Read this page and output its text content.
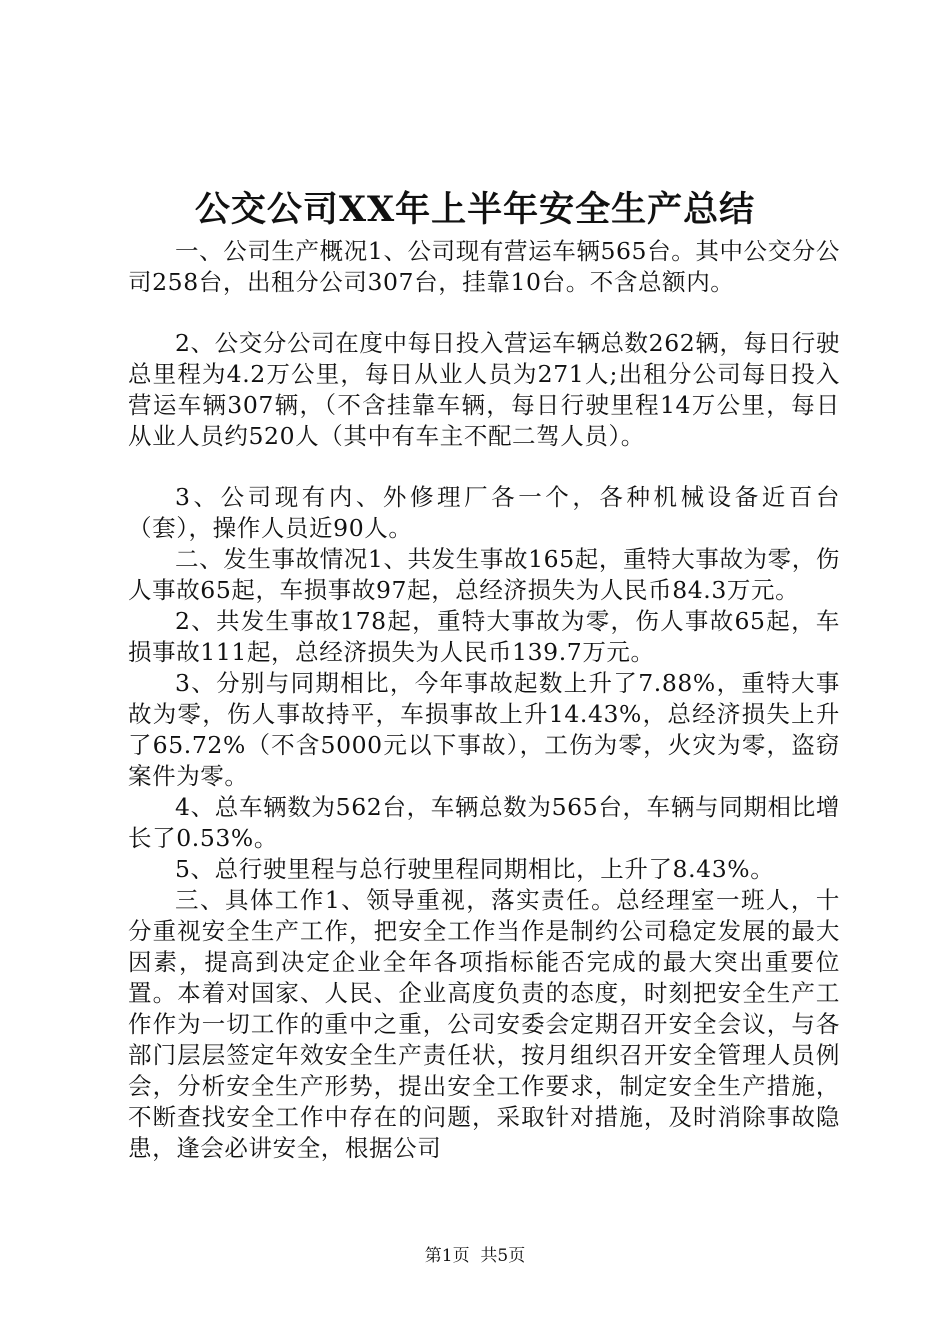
公交公司XX年上半年安全生产总结

一、公司生产概况1、公司现有营运车辆565台。其中公交分公司258台，出租分公司307台，挂靠10台。不含总额内。

2、公交分公司在度中每日投入营运车辆总数262辆，每日行驶总里程为4.2万公里，每日从业人员为271人;出租分公司每日投入营运车辆307辆，（不含挂靠车辆，每日行驶里程14万公里，每日从业人员约520人（其中有车主不配二驾人员）。

3、公司现有内、外修理厂各一个，各种机械设备近百台（套），操作人员近90人。

二、发生事故情况1、共发生事故165起，重特大事故为零，伤人事故65起，车损事故97起，总经济损失为人民币84.3万元。

2、共发生事故178起，重特大事故为零，伤人事故65起，车损事故111起，总经济损失为人民币139.7万元。

3、分别与同期相比，今年事故起数上升了7.88%，重特大事故为零，伤人事故持平，车损事故上升14.43%，总经济损失上升了65.72%（不含5000元以下事故），工伤为零，火灾为零，盗窃案件为零。

4、总车辆数为562台，车辆总数为565台，车辆与同期相比增长了0.53%。

5、总行驶里程与总行驶里程同期相比，上升了8.43%。

三、具体工作1、领导重视，落实责任。总经理室一班人，十分重视安全生产工作，把安全工作当作是制约公司稳定发展的最大因素，提高到决定企业全年各项指标能否完成的最大突出重要位置。本着对国家、人民、企业高度负责的态度，时刻把安全生产工作作为一切工作的重中之重，公司安委会定期召开安全会议，与各部门层层签定年效安全生产责任状，按月组织召开安全管理人员例会，分析安全生产形势，提出安全工作要求，制定安全生产措施，不断查找安全工作中存在的问题，采取针对措施，及时消除事故隐患，逢会必讲安全，根据公司

第1页 共5页
